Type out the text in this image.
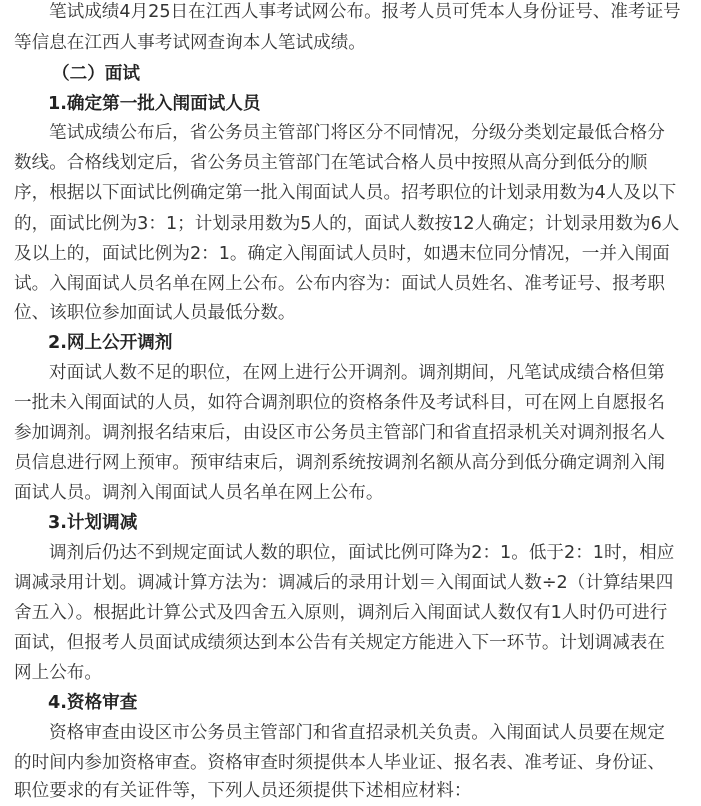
笔试成绩4月25日在江西人事考试网公布。报考人员可凭本人身份证号、准考证号
等信息在江西人事考试网查询本人笔试成绩。
（二）面试
1.确定第一批入闱面试人员
笔试成绩公布后，省公务员主管部门将区分不同情况，分级分类划定最低合格分
数线。合格线划定后，省公务员主管部门在笔试合格人员中按照从高分到低分的顺
序，根据以下面试比例确定第一批入闱面试人员。招考职位的计划录用数为4人及以下
的，面试比例为3：1；计划录用数为5人的，面试人数按12人确定；计划录用数为6人
及以上的，面试比例为2：1。确定入闱面试人员时，如遇末位同分情况，一并入闱面
试。入闱面试人员名单在网上公布。公布内容为：面试人员姓名、准考证号、报考职
位、该职位参加面试人员最低分数。
2.网上公开调剂
对面试人数不足的职位，在网上进行公开调剂。调剂期间，凡笔试成绩合格但第
一批未入闱面试的人员，如符合调剂职位的资格条件及考试科目，可在网上自愿报名
参加调剂。调剂报名结束后，由设区市公务员主管部门和省直招录机关对调剂报名人
员信息进行网上预审。预审结束后，调剂系统按调剂名额从高分到低分确定调剂入闱
面试人员。调剂入闱面试人员名单在网上公布。
3.计划调减
调剂后仍达不到规定面试人数的职位，面试比例可降为2：1。低于2：1时，相应
调减录用计划。调减计算方法为：调减后的录用计划＝入闱面试人数÷2（计算结果四
舍五入）。根据此计算公式及四舍五入原则，调剂后入闱面试人数仅有1人时仍可进行
面试，但报考人员面试成绩须达到本公告有关规定方能进入下一环节。计划调减表在
网上公布。
4.资格审查
资格审查由设区市公务员主管部门和省直招录机关负责。入闱面试人员要在规定
的时间内参加资格审查。资格审查时须提供本人毕业证、报名表、准考证、身份证、
职位要求的有关证件等，下列人员还须提供下述相应材料：
